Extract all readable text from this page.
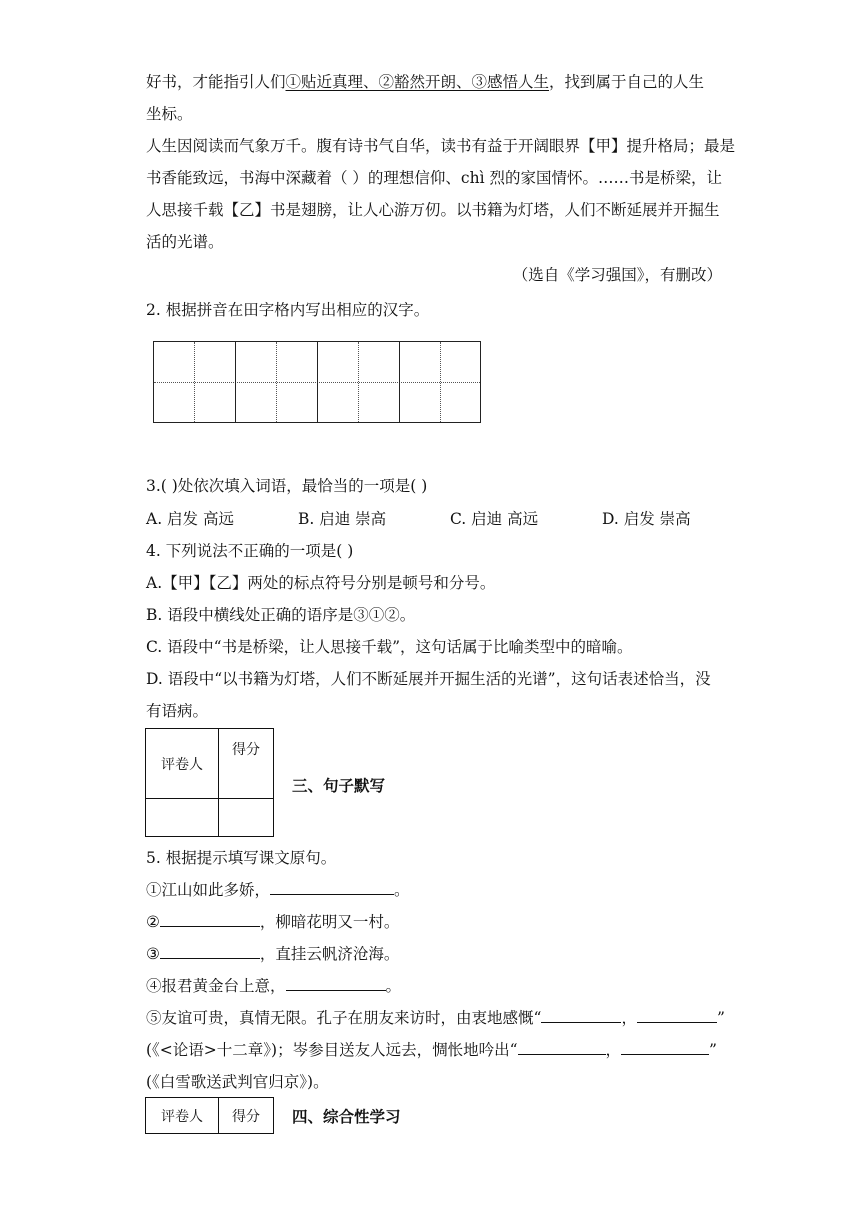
好书，才能指引人们①贴近真理、②豁然开朗、③感悟人生，找到属于自己的人生
坐标。
人生因阅读而气象万千。腹有诗书气自华，读书有益于开阔眼界【甲】提升格局；最是
书香能致远，书海中深藏着（ ）的理想信仰、chì 烈的家国情怀。……书是桥梁，让
人思接千载【乙】书是翅膀，让人心游万仞。以书籍为灯塔，人们不断延展并开掘生
活的光谱。
（选自《学习强国》，有删改）
2. 根据拼音在田字格内写出相应的汉字。
3.( )处依次填入词语，最恰当的一项是( )
A. 启发 高远	B. 启迪 崇高	C. 启迪 高远	D. 启发 崇高
4. 下列说法不正确的一项是( )
A.【甲】【乙】两处的标点符号分别是顿号和分号。
B. 语段中横线处正确的语序是③①②。
C. 语段中“书是桥梁，让人思接千载”，这句话属于比喻类型中的暗喻。
D. 语段中“以书籍为灯塔，人们不断延展并开掘生活的光谱”，这句话表述恰当，没
有语病。
评卷人	得分

三、句子默写
5. 根据提示填写课文原句。
①江山如此多娇，	。
②	，柳暗花明又一村。
③	，直挂云帆济沧海。
④报君黄金台上意，	。
⑤友谊可贵，真情无限。孔子在朋友来访时，由衷地感慨“	，	”
(《<论语>十二章》)；岑参目送友人远去，惆怅地吟出“	，	”
(《白雪歌送武判官归京》)。
评卷人	得分 四、综合性学习
